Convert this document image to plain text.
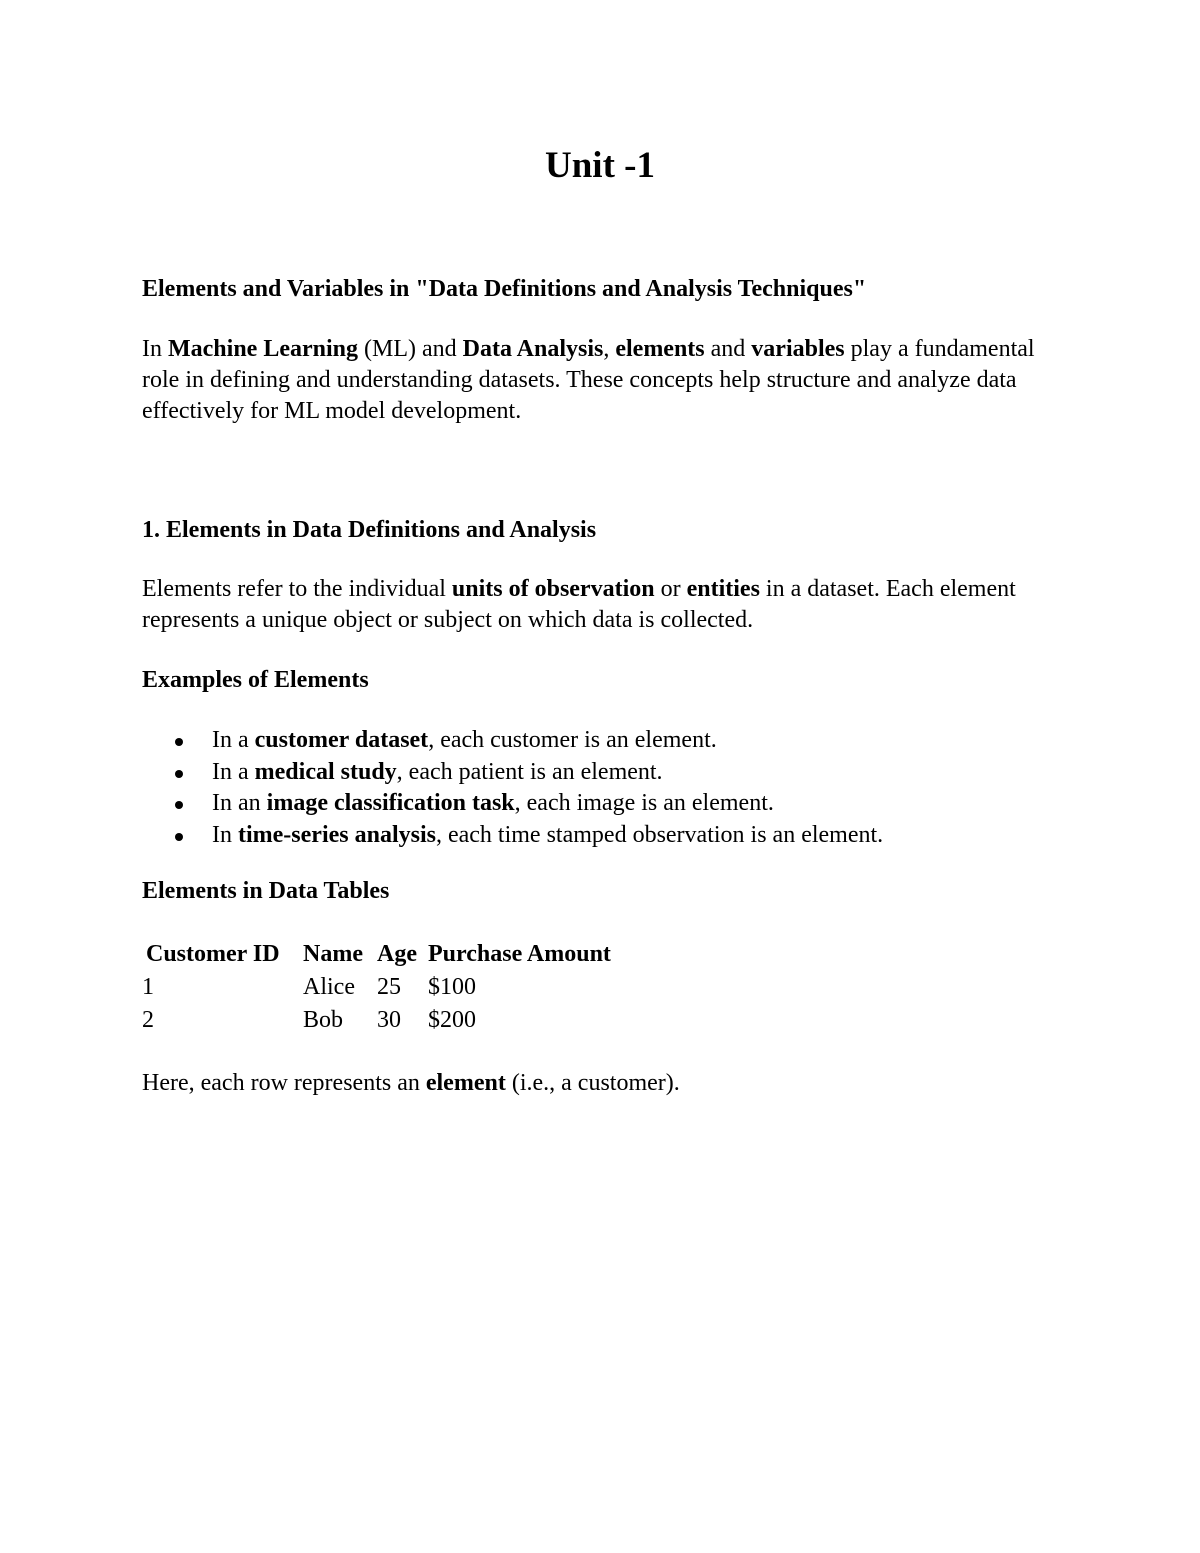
Unit -1

Elements and Variables in "Data Definitions and Analysis Techniques"

In Machine Learning (ML) and Data Analysis, elements and variables play a fundamental role in defining and understanding datasets. These concepts help structure and analyze data effectively for ML model development.

1. Elements in Data Definitions and Analysis

Elements refer to the individual units of observation or entities in a dataset. Each element represents a unique object or subject on which data is collected.

Examples of Elements

In a customer dataset, each customer is an element.
In a medical study, each patient is an element.
In an image classification task, each image is an element.
In time-series analysis, each time stamped observation is an element.

Elements in Data Tables

Customer ID	Name	Age	Purchase Amount
1	Alice	25	$100
2	Bob	30	$200

Here, each row represents an element (i.e., a customer).
